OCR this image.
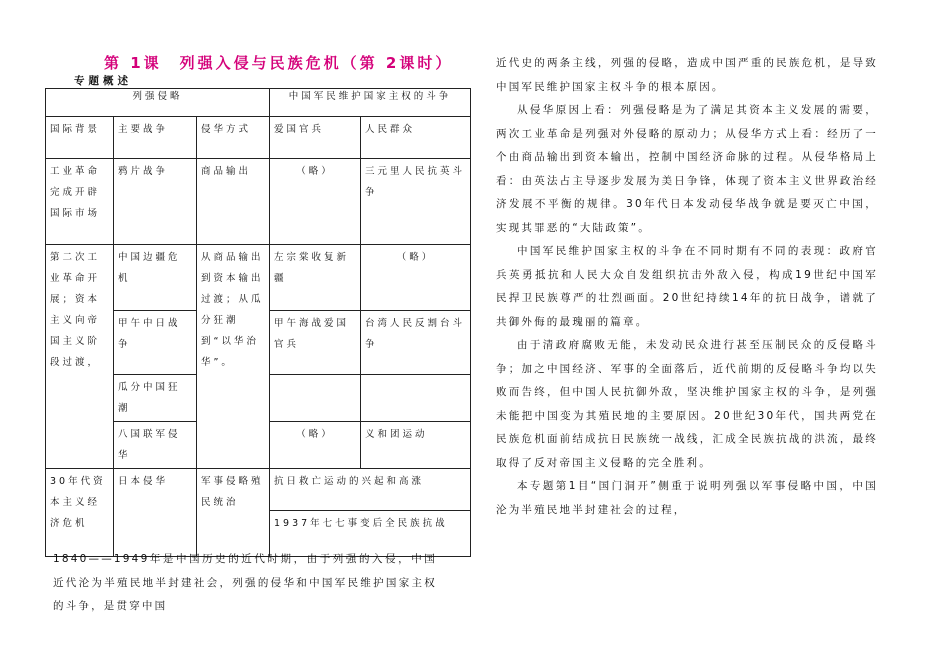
第 1课　列强入侵与民族危机（第 2课时）
专题概述
列强侵略			中国军民维护国家主权的斗争	
国际背景	主要战争	侵华方式	爱国官兵	人民群众
工业革命完成开辟国际市场	鸦片战争	商品输出	（略）	三元里人民抗英斗争
第二次工业革命开展；资本主义向帝国主义阶段过渡，	中国边疆危机	从商品输出到资本输出过渡；从瓜分狂潮到“以华治华”。	左宗棠收复新疆	（略）
	甲午中日战争		甲午海战爱国官兵	台湾人民反割台斗争
	瓜分中国狂潮			
	八国联军侵华		（略）	义和团运动
30年代资本主义经济危机	日本侵华	军事侵略殖民统治	抗日救亡运动的兴起和高涨	
			1937年七七事变后全民族抗战	
1840——1949年是中国历史的近代时期，由于列强的入侵，中国近代沦为半殖民地半封建社会，列强的侵华和中国军民维护国家主权的斗争，是贯穿中国

近代史的两条主线，列强的侵略，造成中国严重的民族危机，是导致中国军民维护国家主权斗争的根本原因。

从侵华原因上看：列强侵略是为了满足其资本主义发展的需要，两次工业革命是列强对外侵略的原动力；从侵华方式上看：经历了一个由商品输出到资本输出，控制中国经济命脉的过程。从侵华格局上看：由英法占主导逐步发展为美日争锋，体现了资本主义世界政治经济发展不平衡的规律。30年代日本发动侵华战争就是要灭亡中国，实现其罪恶的“大陆政策”。

中国军民维护国家主权的斗争在不同时期有不同的表现：政府官兵英勇抵抗和人民大众自发组织抗击外敌入侵，构成19世纪中国军民捍卫民族尊严的壮烈画面。20世纪持续14年的抗日战争，谱就了共御外侮的最瑰丽的篇章。

由于清政府腐败无能，未发动民众进行甚至压制民众的反侵略斗争；加之中国经济、军事的全面落后，近代前期的反侵略斗争均以失败而告终，但中国人民抗御外敌，坚决维护国家主权的斗争，是列强未能把中国变为其殖民地的主要原因。20世纪30年代，国共两党在民族危机面前结成抗日民族统一战线，汇成全民族抗战的洪流，最终取得了反对帝国主义侵略的完全胜利。

本专题第1目“国门洞开”侧重于说明列强以军事侵略中国，中国沦为半殖民地半封建社会的过程，
